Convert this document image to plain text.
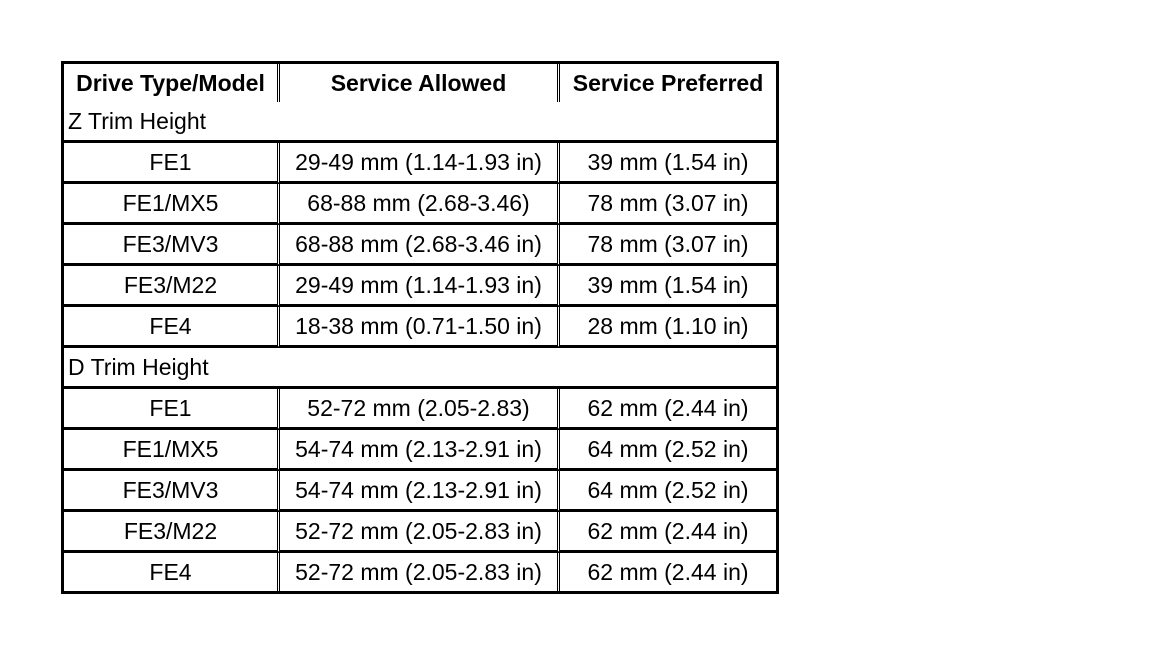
Drive Type/Model	Service Allowed	Service Preferred
Z Trim Height		
FE1	29-49 mm (1.14-1.93 in)	39 mm (1.54 in)
FE1/MX5	68-88 mm (2.68-3.46)	78 mm (3.07 in)
FE3/MV3	68-88 mm (2.68-3.46 in)	78 mm (3.07 in)
FE3/M22	29-49 mm (1.14-1.93 in)	39 mm (1.54 in)
FE4	18-38 mm (0.71-1.50 in)	28 mm (1.10 in)
D Trim Height		
FE1	52-72 mm (2.05-2.83)	62 mm (2.44 in)
FE1/MX5	54-74 mm (2.13-2.91 in)	64 mm (2.52 in)
FE3/MV3	54-74 mm (2.13-2.91 in)	64 mm (2.52 in)
FE3/M22	52-72 mm (2.05-2.83 in)	62 mm (2.44 in)
FE4	52-72 mm (2.05-2.83 in)	62 mm (2.44 in)
